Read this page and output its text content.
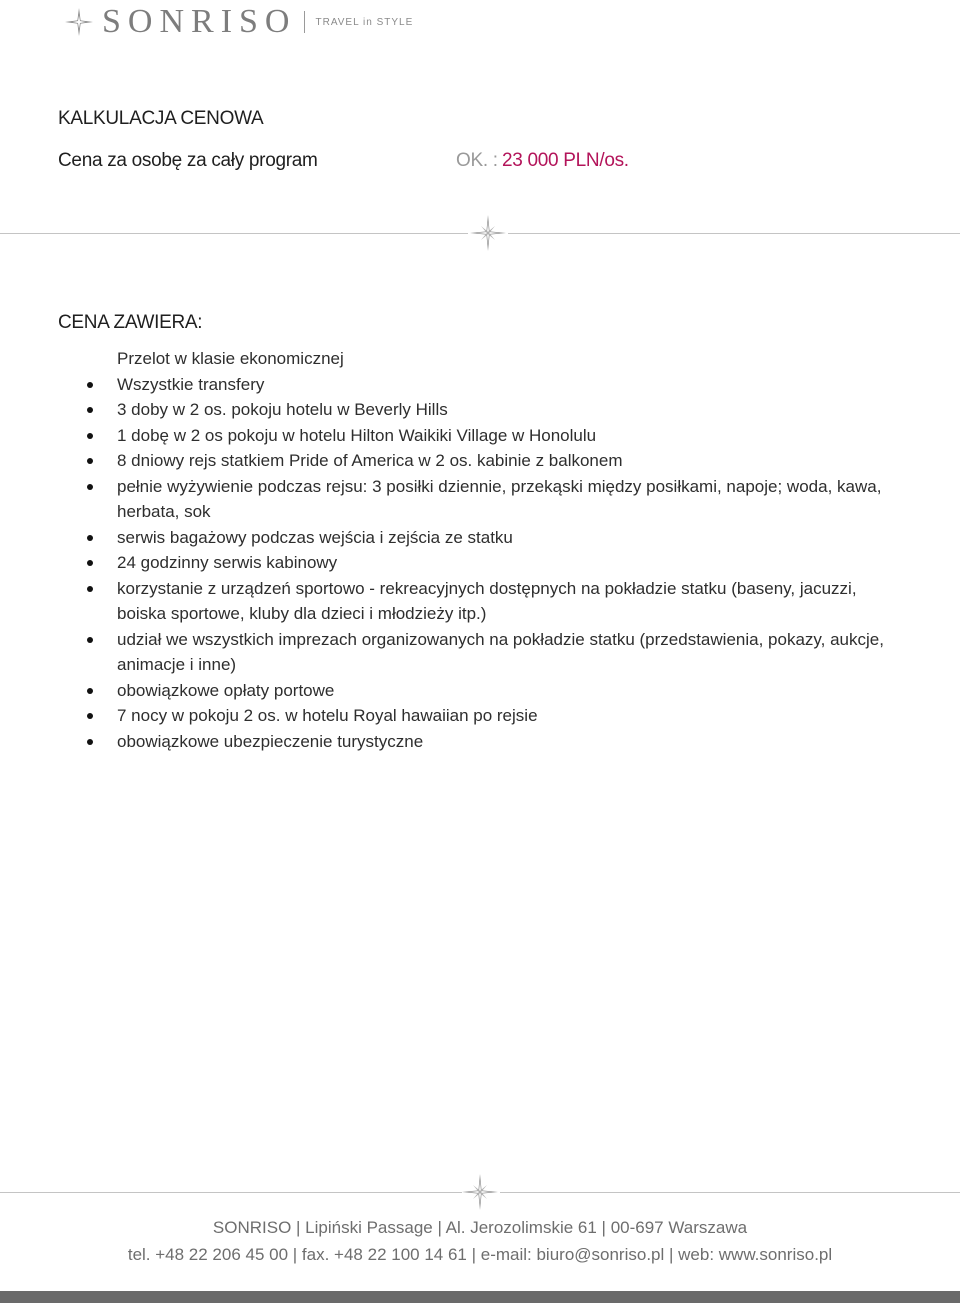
SONRISO TRAVEL in STYLE
KALKULACJA CENOWA
Cena za osobę za cały program	OK. : 23 000 PLN/os.
CENA ZAWIERA:
Przelot w klasie ekonomicznej
Wszystkie transfery
3 doby w 2 os. pokoju hotelu w Beverly Hills
1 dobę w 2 os pokoju w hotelu Hilton Waikiki Village w Honolulu
8 dniowy rejs statkiem Pride of America w 2 os. kabinie z balkonem
pełnie wyżywienie podczas rejsu: 3 posiłki dziennie, przekąski między posiłkami, napoje; woda, kawa, herbata, sok
serwis bagażowy podczas wejścia i zejścia ze statku
24 godzinny serwis kabinowy
korzystanie z urządzeń sportowo - rekreacyjnych dostępnych na pokładzie statku (baseny, jacuzzi, boiska sportowe, kluby dla dzieci i młodzieży itp.)
udział we wszystkich imprezach organizowanych na pokładzie statku (przedstawienia, pokazy, aukcje, animacje i inne)
obowiązkowe opłaty portowe
7 nocy w pokoju 2 os. w hotelu Royal hawaiian po rejsie
obowiązkowe ubezpieczenie turystyczne
SONRISO | Lipiński Passage | Al. Jerozolimskie 61 | 00-697 Warszawa
tel. +48 22 206 45 00 | fax. +48 22 100 14 61 | e-mail: biuro@sonriso.pl | web: www.sonriso.pl
